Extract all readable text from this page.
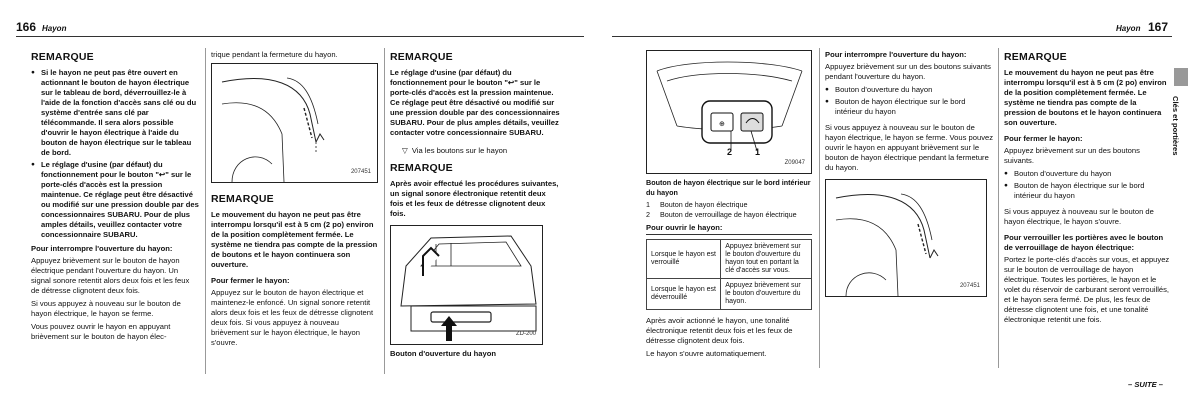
166 Hayon
REMARQUE
● Si le hayon ne peut pas être ouvert en actionnant le bouton de hayon électrique sur le tableau de bord, déverrouillez-le à l'aide de la fonction d'accès sans clé ou du système d'entrée sans clé par télécommande. Il sera alors possible d'ouvrir le hayon électrique à l'aide du bouton de hayon électrique sur le tableau de bord.
● Le réglage d'usine (par défaut) du fonctionnement pour le bouton "↩" sur le porte-clés d'accès est la pression maintenue. Ce réglage peut être désactivé ou modifié sur une pression double par des concessionnaires SUBARU. Pour de plus amples détails, veuillez contacter votre concessionnaire SUBARU.
Pour interrompre l'ouverture du hayon:

Appuyez brièvement sur le bouton de hayon électrique pendant l'ouverture du hayon. Un signal sonore retentit alors deux fois et les feux de détresse clignotent deux fois.

Si vous appuyez à nouveau sur le bouton de hayon électrique, le hayon se ferme.

Vous pouvez ouvrir le hayon en appuyant brièvement sur le bouton de hayon élec-

trique pendant la fermeture du hayon.

207451
REMARQUE

Le mouvement du hayon ne peut pas être interrompu lorsqu'il est à 5 cm (2 po) environ de la position complètement fermée. Le système ne tiendra pas compte de la pression de boutons et le hayon continuera son ouverture.

Pour fermer le hayon:

Appuyez sur le bouton de hayon électrique et maintenez-le enfoncé. Un signal sonore retentit alors deux fois et les feux de détresse clignotent deux fois. Si vous appuyez à nouveau brièvement sur le hayon électrique, le hayon s'ouvre.

REMARQUE

Le réglage d'usine (par défaut) du fonctionnement pour le bouton "↩" sur le porte-clés d'accès est la pression maintenue. Ce réglage peut être désactivé ou modifié sur une pression double par des concessionnaires SUBARU. Pour de plus amples détails, veuillez contacter votre concessionnaire SUBARU.

▽ Via les boutons sur le hayon

REMARQUE

Après avoir effectué les procédures suivantes, un signal sonore électronique retentit deux fois et les feux de détresse clignotent deux fois.

ZD-200

Bouton d'ouverture du hayon

Hayon 167
Clés et portières
⊕
2	1
Z09047

Bouton de hayon électrique sur le bord intérieur du hayon

1 Bouton de hayon électrique
2 Bouton de verrouillage de hayon électrique
Pour ouvrir le hayon:
Lorsque le hayon est verrouillé	Appuyez brièvement sur le bouton d'ouverture du hayon tout en portant la clé d'accès sur vous.
Lorsque le hayon est déverrouillé	Appuyez brièvement sur le bouton d'ouverture du hayon.

Après avoir actionné le hayon, une tonalité électronique retentit deux fois et les feux de détresse clignotent deux fois.

Le hayon s'ouvre automatiquement.

Pour interrompre l'ouverture du hayon:

Appuyez brièvement sur un des boutons suivants pendant l'ouverture du hayon.

● Bouton d'ouverture du hayon
● Bouton de hayon électrique sur le bord intérieur du hayon

Si vous appuyez à nouveau sur le bouton de hayon électrique, le hayon se ferme. Vous pouvez ouvrir le hayon en appuyant brièvement sur le bouton de hayon électrique pendant la fermeture du hayon.

207451
REMARQUE

Le mouvement du hayon ne peut pas être interrompu lorsqu'il est à 5 cm (2 po) environ de la position complètement fermée. Le système ne tiendra pas compte de la pression de boutons et le hayon continuera son ouverture.

Pour fermer le hayon:

Appuyez brièvement sur un des boutons suivants.

● Bouton d'ouverture du hayon
● Bouton de hayon électrique sur le bord intérieur du hayon

Si vous appuyez à nouveau sur le bouton de hayon électrique, le hayon s'ouvre.

Pour verrouiller les portières avec le bouton de verrouillage de hayon électrique:

Portez le porte-clés d'accès sur vous, et appuyez sur le bouton de verrouillage de hayon électrique. Toutes les portières, le hayon et le volet du réservoir de carburant seront verrouillés, et le hayon sera fermé. De plus, les feux de détresse clignotent une fois, et une tonalité électronique retentit une fois.

– SUITE –
